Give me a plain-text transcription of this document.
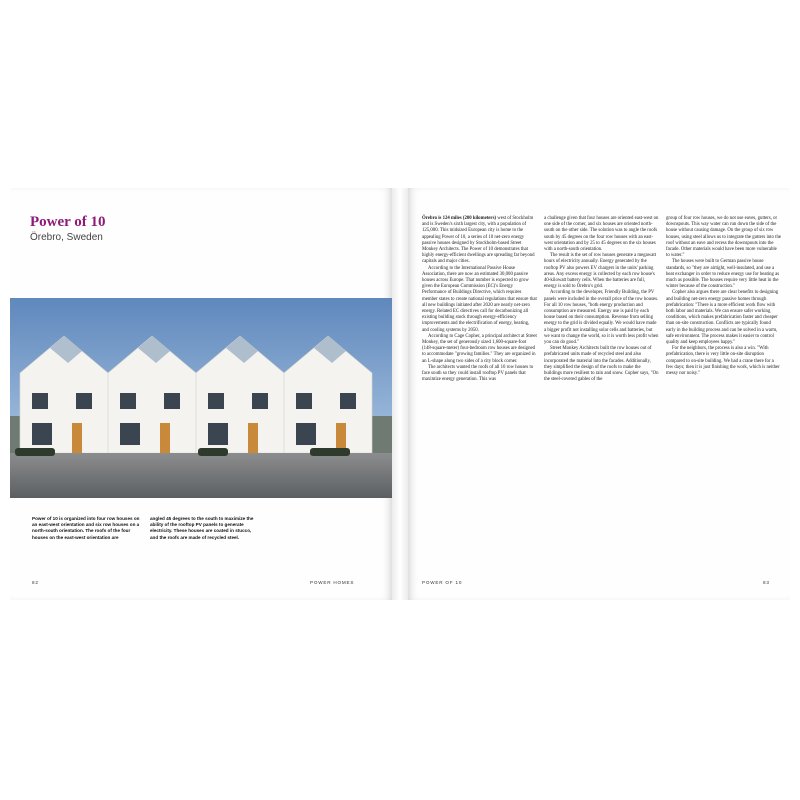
Power of 10
Örebro, Sweden
Power of 10 is organized into four row houses on an east-west orientation and six row houses on a north-south orientation. The roofs of the four houses on the east-west orientation are
angled 45 degrees to the south to maximize the ability of the rooftop PV panels to generate electricity. These houses are coated in stucco, and the roofs are made of recycled steel.
82	POWER HOMES

Örebro is 124 miles (200 kilometers) west of Stockholm and is Sweden's sixth largest city, with a population of 125,000. This midsized European city is home to the appealing Power of 10, a series of 10 net-zero energy passive houses designed by Stockholm-based Street Monkey Architects. The Power of 10 demonstrates that highly energy-efficient dwellings are spreading far beyond capitals and major cities.

According to the International Passive House Association, there are now an estimated 30,000 passive houses across Europe. That number is expected to grow given the European Commission (EC)'s Energy Performance of Buildings Directive, which requires member states to create national regulations that ensure that all new buildings initiated after 2020 are nearly net-zero energy. Related EC directives call for decarbonizing all existing building stock through energy-efficiency improvements and the electrification of energy, heating, and cooling systems by 2050.

According to Cage Copher, a principal architect at Street Monkey, the set of generously sized 1,600-square-foot (148-square-meter) four-bedroom row houses are designed to accommodate "growing families." They are organized in an L-shape along two sides of a city block corner.

The architects wanted the roofs of all 10 row houses to face south so they could install rooftop PV panels that maximize energy generation. This was

a challenge given that four houses are oriented east-west on one side of the corner, and six houses are oriented north-south on the other side. The solution was to angle the roofs south by 45 degrees on the four row houses with an east-west orientation and by 25 to 45 degrees on the six houses with a north-south orientation.

The result is the set of row houses generate a megawatt hours of electricity annually. Energy generated by the rooftop PV also powers EV chargers in the units' parking areas. Any excess energy is collected by each row house's 40-kilowatt battery cells. When the batteries are full, energy is sold to Örebro's grid.

According to the developer, Friendly Building, the PV panels were included in the overall price of the row houses. For all 10 row houses, "both energy production and consumption are measured. Energy use is paid by each house based on their consumption. Revenue from selling energy to the grid is divided equally. We would have made a bigger profit not installing solar cells and batteries, but we want to change the world, so it is worth less profit when you can do good."

Street Monkey Architects built the row houses out of prefabricated units made of recycled steel and also incorporated the material into the facades. Additionally, they simplified the design of the roofs to make the buildings more resilient to rain and snow. Copher says, "On the steel-covered gables of the

group of four row houses, we do not use eaves, gutters, or downspouts. This way water can run down the side of the house without causing damage. On the group of six row houses, using steel allows us to integrate the gutters into the roof without an eave and recess the downspouts into the facade. Other materials would have been more vulnerable to water."

The houses were built to German passive house standards, so "they are airtight, well-insulated, and use a heat exchanger in order to reduce energy use for heating as much as possible. The houses require very little heat in the winter because of the construction."

Copher also argues there are clear benefits to designing and building net-zero energy passive homes through prefabrication: "There is a more efficient work flow with both labor and materials. We can ensure safer working conditions, which makes prefabrication faster and cheaper than on-site construction. Conflicts are typically found early in the building process and can be solved in a warm, safe environment. The process makes it easier to control quality and keep employees happy."

For the neighbors, the process is also a win. "With prefabrication, there is very little on-site disruption compared to on-site building. We had a crane there for a few days; then it is just finishing the work, which is neither messy nor noisy."

POWER OF 10	83
